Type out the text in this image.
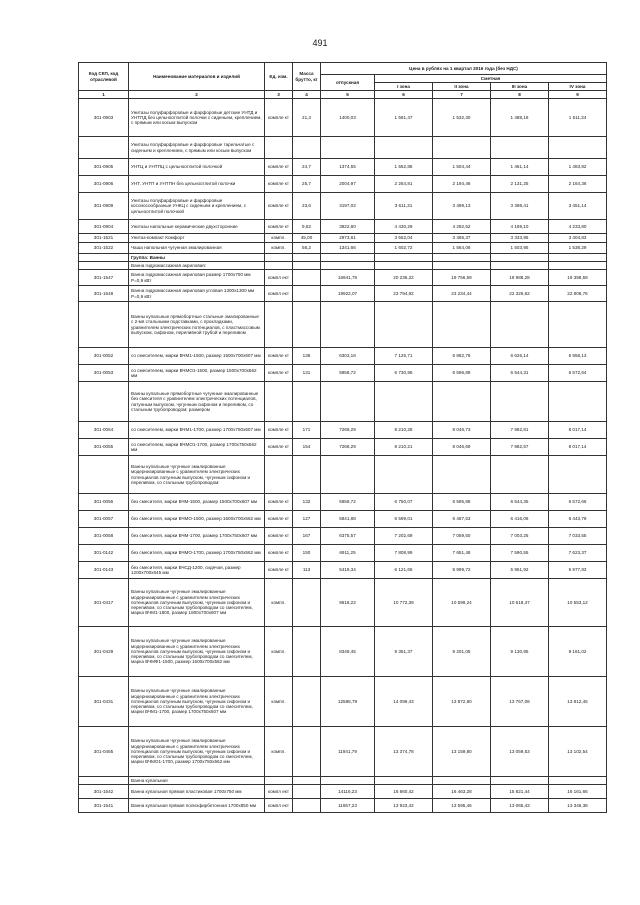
491
Код СКП, код отраслевой	Наименование материалов и изделий	Ед. изм.	Масса брутто, кг	Цена в рублях на 1 квартал 2016 года (без НДС)				
				отпускная	Сметная			
					I зона	II зона	III зона	IV зона
1	2	3	4	5	6	7	8	9
301-0903	Унитазы полуфарфоровые и фарфоровые детские УНТД и УНТПД без цельноотлитой полочки с сиденьем, креплением, с прямым или косым выпуском	компле кт	21,3	1400,03	1 581,47	1 532,30	1 488,18	1 511,34
	Унитазы полуфарфоровые и фарфоровые тарельчатые с сиденьем и креплением, с прямым или косым выпуском							
301-0905	УНТЦ и УНТПЦ с цельноотлитой полочкой	компле кт	24,7	1374,55	1 552,88	1 504,44	1 461,14	1 483,82
301-0906	УНТ, УНТП и УНТПН без цельноотлитой полочки	компле кт	25,7	2004,97	2 264,81	2 194,46	2 131,25	2 164,36
301-0909	Унитазы полуфарфоровые и фарфоровые косоносообразные УНКЦ с сиденьем и креплением, с цельноотлитой полочкой	компле кт	23,6	3197,02	3 611,31	3 499,13	3 398,41	3 451,14
301-0904	Унитазы напольные керамические двухсторонние	компле кт	9,62	3922,60	4 430,29	4 292,52	4 169,10	4 233,80
301-1521	Унитаз-компакт Комфорт	компл.	45,00	2973,61	3 552,04	3 465,37	3 333,95	3 404,83
301-1522	Чаша напольная чугунная эмалированная	компл.	56,2	1341,66	1 602,72	1 564,06	1 503,95	1 538,29
	Группа: Ванны							
	Ванна гидромассажная акриловая:							
301-1547	Ванна гидромассажная акриловая размер 1700х700 мм Р=0,9 кВт	компл ект		16941,75	20 236,22	19 756,59	18 988,28	19 398,59
301-1548	Ванна гидромассажная акриловая угловая 1300х1300 мм Р=0,9 кВт	компл ект		19922,07	23 794,92	23 234,44	22 326,62	22 808,76
	Ванны купальные прямобортные стальные эмалированные с 2-мя стальными подставками, с прокладками, уравнителем электрических потенциалов, с пластмассовым выпуском, сифоном, переливной трубой и переливом							
301-0052	со смесителем, марки ВЧМ1-1500, размер 1500х700х607 мм	компле кт	136	6303,18	7 125,71	6 882,76	6 626,14	6 958,13
301-0053	со смесителем, марки ВЧМО1-1500, размер 1500х700х562 мм	компле кт	131	5958,72	6 730,95	6 596,89	6 544,31	6 572,64
	Ванны купальные прямобортные чугунные эмалированные без смесителя с уравнителем электрических потенциалов, латунным выпуском, чугунным сифоном и переливом, со стальным трубопроводом; размером							
301-0054	со смесителем, марки ВЧМ1-1700, размер 1700х750х607 мм	компле кт	171	7268,29	8 210,28	8 046,73	7 982,81	8 017,14
301-0055	со смесителем, марки ВЧМО1-1700, размер 1700х750х562 мм	компле кт	154	7268,29	8 210,21	8 046,69	7 982,57	8 017,14
	Ванны купальные чугунные эмалированные модернизированные с уравнителем электрических потенциалов латунным выпуском, чугунным сифоном и переливом, со стальным трубопроводом:							
301-0056	без смесителя, марки ВЧМ-1500, размер 1500х700х607 мм	компле кт	132	5958,72	6 750,07	6 595,88	6 544,35	6 572,66
301-0057	без смесителя, марки ВЧМО-1500, размер 1500х700х562 мм	компле кт	127	5841,88	6 599,01	6 467,53	6 416,06	6 443,79
301-0058	без смесителя, марки ВЧМ-1700, размер 1700х750х607 мм	компле кт	167	6375,57	7 202,69	7 059,50	7 003,25	7 033,55
301-0142	без смесителя, марки ВЧМО-1700, размер 1700х750х562 мм	компле кт	150	6911,25	7 808,99	7 651,48	7 590,55	7 623,37
301-0143	без смесителя, марки ВЧСД-1200, сидячая, размер 1200х700х645 мм	компле кт	113	5419,34	6 121,65	5 999,72	5 951,92	5 977,83
301-0417	Ванны купальные чугунные эмалированные модернизированные с уравнителем электрических потенциалов латунным выпуском, чугунным сифоном и переливом, со стальным трубопроводом со смесителем, марка ВЧМ1-1800, размер 1800х700х607 мм	компл.		9618,22	10 772,39	10 599,24	10 518,47	10 553,12
301-0429	Ванны купальные чугунные эмалированные модернизированные с уравнителем электрических потенциалов латунным выпуском, чугунным сифоном и переливом, со стальным трубопроводом со смесителем, марка ВЧМФ1-1500, размер 1500х700х562 мм	компл.		8349,45	9 351,37	9 201,05	9 130,95	9 161,02
301-0431	Ванны купальные чугунные эмалированные модернизированные с уравнителем электрических потенциалов латунным выпуском, чугунным сифоном и переливом, со стальным трубопроводом со смесителем, марки ВЧМ1-1700, размер 1700х750х607 мм	компл.		12588,79	14 099,43	13 872,80	13 767,08	13 812,45
301-0465	Ванны купальные чугунные эмалированные модернизированные с уравнителем электрических потенциалов латунным выпуском, чугунным сифоном и переливом, со стальным трубопроводом со смесителем, марки ВЧМО1-1700, размер 1700х750х562 мм	компл.		11941,79	13 374,78	13 159,80	13 059,53	13 102,54
	Ванна купальная							
301-1542	Ванна купальная прямая пластиковая 1700х750 мм	компл ект		14116,23	16 860,42	16 463,28	15 821,44	16 161,66
301-1541	Ванна купальная прямая полиэфирбетонная 1700х850 мм	компл ект		11657,23	13 923,42	13 595,46	13 065,43	13 346,38
